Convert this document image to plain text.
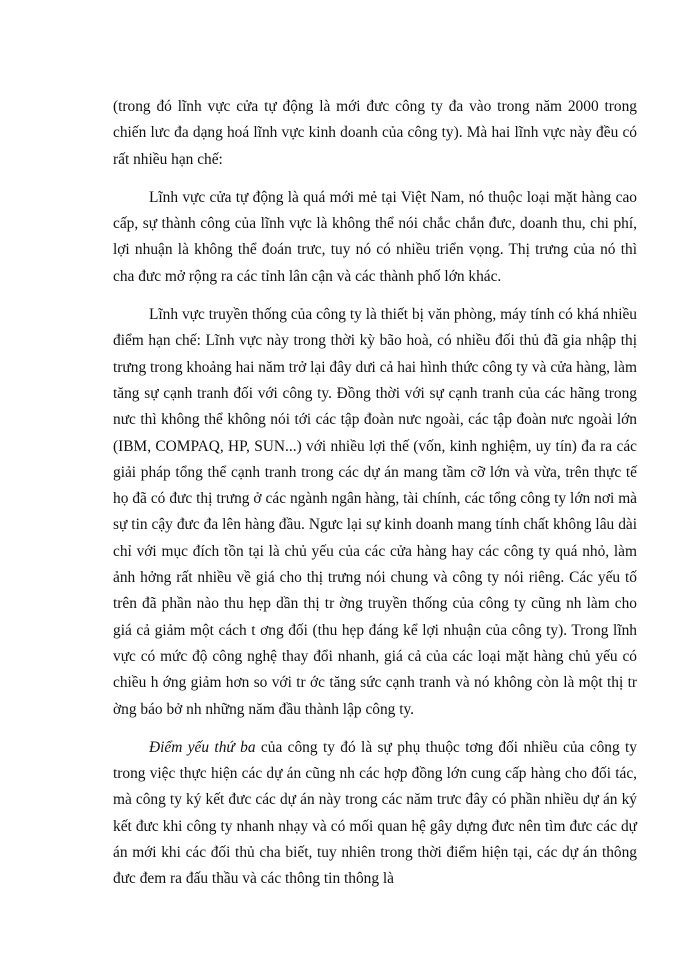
(trong đó lĩnh vực cửa tự động là mới đưc công ty đa vào trong năm 2000 trong chiến lưc đa dạng hoá lĩnh vực kinh doanh của công ty). Mà hai lĩnh vực này đều có rất nhiều hạn chế:

Lĩnh vực cửa tự động là quá mới mẻ tại Việt Nam, nó thuộc loại mặt hàng cao cấp, sự thành công của lĩnh vực là không thể nói chắc chắn đưc, doanh thu, chi phí, lợi nhuận là không thể đoán trưc, tuy nó có nhiều triển vọng. Thị trưng của nó thì cha đưc mở rộng ra các tỉnh lân cận và các thành phố lớn khác.

Lĩnh vực truyền thống của công ty là thiết bị văn phòng, máy tính có khá nhiều điểm hạn chế: Lĩnh vực này trong thời kỳ bão hoà, có nhiều đối thủ đã gia nhập thị trưng trong khoảng hai năm trở lại đây dưi cả hai hình thức công ty và cửa hàng, làm tăng sự cạnh tranh đối với công ty. Đồng thời với sự cạnh tranh của các hãng trong nưc thì không thể không nói tới các tập đoàn nưc ngoài, các tập đoàn nưc ngoài lớn (IBM, COMPAQ, HP, SUN...) với nhiều lợi thế (vốn, kinh nghiệm, uy tín) đa ra các giải pháp tổng thể cạnh tranh trong các dự án mang tầm cỡ lớn và vừa, trên thực tế họ đã có đưc thị trưng ở các ngành ngân hàng, tài chính, các tổng công ty lớn nơi mà sự tin cậy đưc đa lên hàng đầu. Ngưc lại sự kinh doanh mang tính chất không lâu dài chỉ với mục đích tồn tại là chủ yếu của các cửa hàng hay các công ty quá nhỏ, làm ảnh hởng rất nhiều về giá cho thị trưng nói chung và công ty nói riêng. Các yếu tố trên đã phần nào thu hẹp dần thị tr ờng truyền thống của công ty cũng nh làm cho giá cả giảm một cách t ơng đối (thu hẹp đáng kể lợi nhuận của công ty). Trong lĩnh vực có mức độ công nghệ thay đổi nhanh, giá cả của các loại mặt hàng chủ yếu có chiều h ớng giảm hơn so với tr ớc tăng sức cạnh tranh và nó không còn là một thị tr ờng báo bở nh những năm đầu thành lập công ty.

Điểm yếu thứ ba của công ty đó là sự phụ thuộc tơng đối nhiều của công ty trong việc thực hiện các dự án cũng nh các hợp đồng lớn cung cấp hàng cho đối tác, mà công ty ký kết đưc các dự án này trong các năm trưc đây có phần nhiều dự án ký kết đưc khi công ty nhanh nhạy và có mối quan hệ gây dựng đưc nên tìm đưc các dự án mới khi các đối thủ cha biết, tuy nhiên trong thời điểm hiện tại, các dự án thông đưc đem ra đấu thầu và các thông tin thông là
